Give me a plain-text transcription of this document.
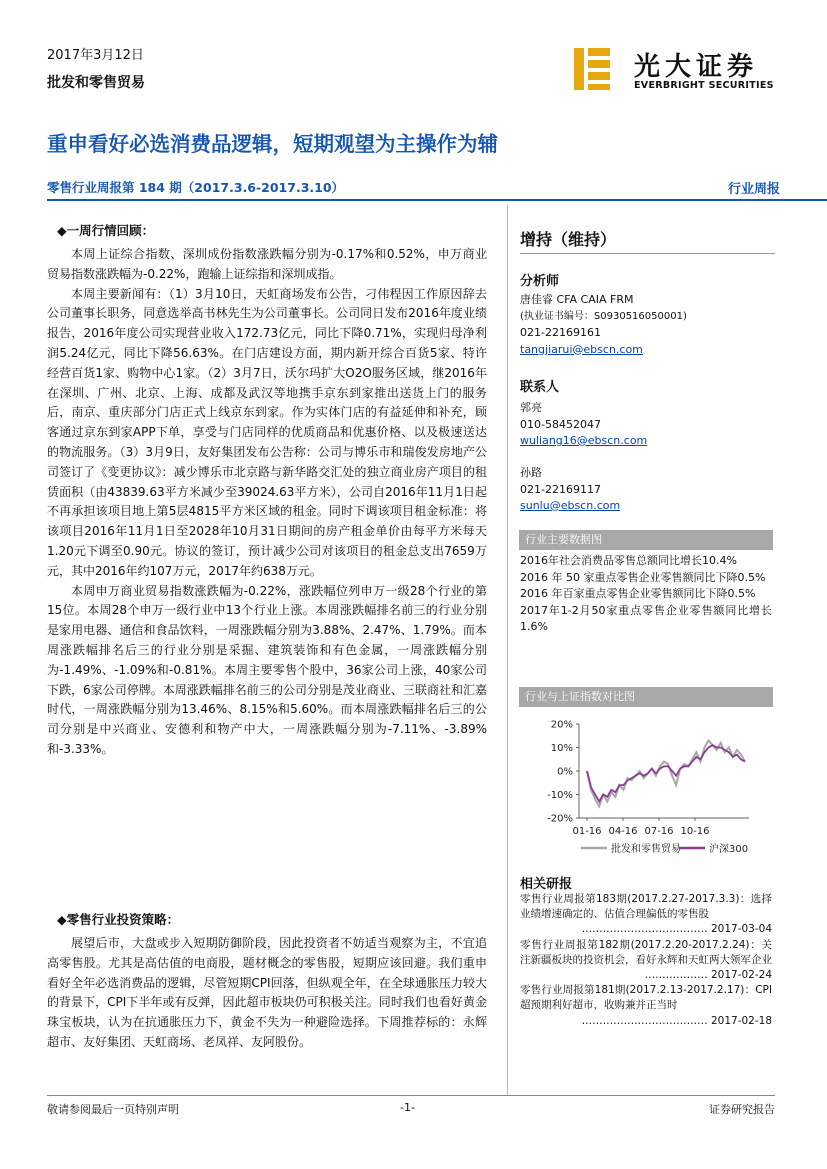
2017年3月12日
批发和零售贸易
光大证券
EVERBRIGHT SECURITIES
重申看好必选消费品逻辑，短期观望为主操作为辅
零售行业周报第 184 期（2017.3.6-2017.3.10）	行业周报
◆一周行情回顾：

本周上证综合指数、深圳成份指数涨跌幅分别为-0.17%和0.52%，申万商业贸易指数涨跌幅为-0.22%，跑输上证综指和深圳成指。

本周主要新闻有：（1）3月10日，天虹商场发布公告，刁伟程因工作原因辞去公司董事长职务，同意选举高书林先生为公司董事长。公司同日发布2016年度业绩报告，2016年度公司实现营业收入172.73亿元，同比下降0.71%，实现归母净利润5.24亿元，同比下降56.63%。在门店建设方面，期内新开综合百货5家、特许经营百货1家、购物中心1家。（2）3月7日，沃尔玛扩大O2O服务区域，继2016年在深圳、广州、北京、上海、成都及武汉等地携手京东到家推出送货上门的服务后，南京、重庆部分门店正式上线京东到家。作为实体门店的有益延伸和补充，顾客通过京东到家APP下单，享受与门店同样的优质商品和优惠价格、以及极速送达的物流服务。（3）3月9日，友好集团发布公告称：公司与博乐市和瑞俊发房地产公司签订了《变更协议》：减少博乐市北京路与新华路交汇处的独立商业房产项目的租赁面积（由43839.63平方米减少至39024.63平方米），公司自2016年11月1日起不再承担该项目地上第5层4815平方米区域的租金。同时下调该项目租金标准：将该项目2016年11月1日至2028年10月31日期间的房产租金单价由每平方米每天1.20元下调至0.90元。协议的签订，预计减少公司对该项目的租金总支出7659万元，其中2016年约107万元，2017年约638万元。

本周申万商业贸易指数涨跌幅为-0.22%，涨跌幅位列申万一级28个行业的第15位。本周28个申万一级行业中13个行业上涨。本周涨跌幅排名前三的行业分别是家用电器、通信和食品饮料，一周涨跌幅分别为3.88%、2.47%、1.79%。而本周涨跌幅排名后三的行业分别是采掘、建筑装饰和有色金属，一周涨跌幅分别为-1.49%、-1.09%和-0.81%。本周主要零售个股中，36家公司上涨，40家公司下跌，6家公司停牌。本周涨跌幅排名前三的公司分别是茂业商业、三联商社和汇嘉时代，一周涨跌幅分别为13.46%、8.15%和5.60%。而本周涨跌幅排名后三的公司分别是中兴商业、安德利和物产中大，一周涨跌幅分别为-7.11%、-3.89%和-3.33%。

◆零售行业投资策略：

展望后市，大盘或步入短期防御阶段，因此投资者不妨适当观察为主，不宜追高零售股。尤其是高估值的电商股，题材概念的零售股，短期应该回避。我们重申看好全年必选消费品的逻辑，尽管短期CPI回落，但纵观全年，在全球通胀压力较大的背景下，CPI下半年或有反弹，因此超市板块仍可积极关注。同时我们也看好黄金珠宝板块，认为在抗通胀压力下，黄金不失为一种避险选择。下周推荐标的：永辉超市、友好集团、天虹商场、老凤祥、友阿股份。

增持（维持）
分析师
唐佳睿 CFA CAIA FRM
(执业证书编号：S0930516050001)
021-22169161
tangjiarui@ebscn.com
联系人
郭亮
010-58452047
wuliang16@ebscn.com
孙路
021-22169117
sunlu@ebscn.com
行业主要数据图
2016年社会消费品零售总额同比增长10.4%
2016 年 50 家重点零售企业零售额同比下降0.5%
2016 年百家重点零售企业零售额同比下降0.5%
2017年1-2月50家重点零售企业零售额同比增长1.6%
行业与上证指数对比图
20%
10%
0%
-10%
-20%
01-16 04-16 07-16 10-16
批发和零售贸易	沪深300
相关研报
零售行业周报第183期(2017.2.27-2017.3.3)：选择业绩增速确定的、估值合理偏低的零售股
……………………………… 2017-03-04
零售行业周报第182期(2017.2.20-2017.2.24)：关注新疆板块的投资机会，看好永辉和天虹两大领军企业
……………… 2017-02-24
零售行业周报第181期(2017.2.13-2017.2.17)：CPI超预期利好超市，收购兼并正当时
……………………………… 2017-02-18
敬请参阅最后一页特别声明	-1-	证券研究报告
